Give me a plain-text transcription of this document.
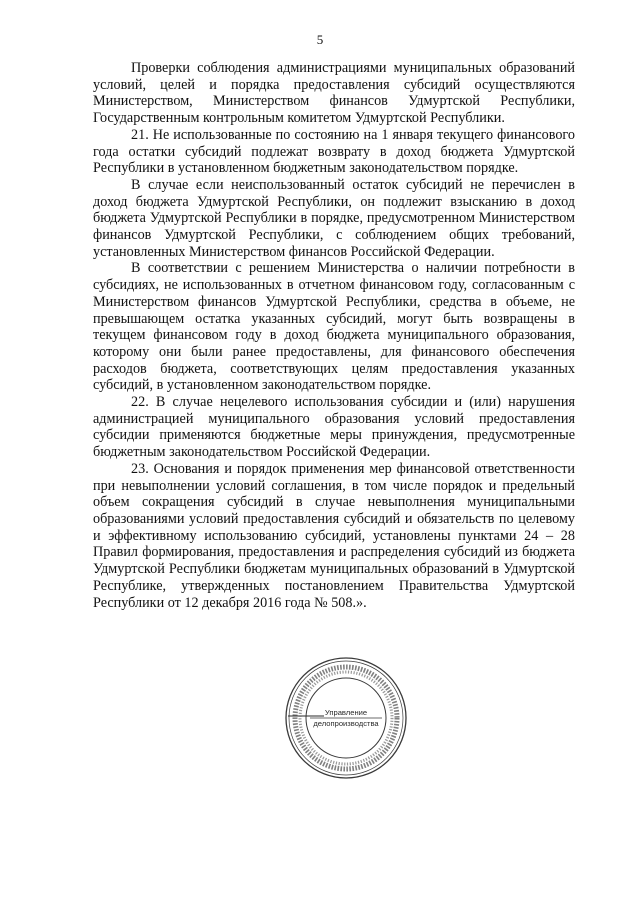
5

Проверки соблюдения администрациями муниципальных образований условий, целей и порядка предоставления субсидий осуществляются Министерством, Министерством финансов Удмуртской Республики, Государственным контрольным комитетом Удмуртской Республики.

21. Не использованные по состоянию на 1 января текущего финансового года остатки субсидий подлежат возврату в доход бюджета Удмуртской Республики в установленном бюджетным законодательством порядке.

В случае если неиспользованный остаток субсидий не перечислен в доход бюджета Удмуртской Республики, он подлежит взысканию в доход бюджета Удмуртской Республики в порядке, предусмотренном Министерством финансов Удмуртской Республики, с соблюдением общих требований, установленных Министерством финансов Российской Федерации.

В соответствии с решением Министерства о наличии потребности в субсидиях, не использованных в отчетном финансовом году, согласованным с Министерством финансов Удмуртской Республики, средства в объеме, не превышающем остатка указанных субсидий, могут быть возвращены в текущем финансовом году в доход бюджета муниципального образования, которому они были ранее предоставлены, для финансового обеспечения расходов бюджета, соответствующих целям предоставления указанных субсидий, в установленном законодательством порядке.

22. В случае нецелевого использования субсидии и (или) нарушения администрацией муниципального образования условий предоставления субсидии применяются бюджетные меры принуждения, предусмотренные бюджетным законодательством Российской Федерации.

23. Основания и порядок применения мер финансовой ответственности при невыполнении условий соглашения, в том числе порядок и предельный объем сокращения субсидий в случае невыполнения муниципальными образованиями условий предоставления субсидий и обязательств по целевому и эффективному использованию субсидий, установлены пунктами 24 – 28 Правил формирования, предоставления и распределения субсидий из бюджета Удмуртской Республики бюджетам муниципальных образований в Удмуртской Республике, утвержденных постановлением Правительства Удмуртской Республики от 12 декабря 2016 года № 508.».

Управление
делопроизводства
